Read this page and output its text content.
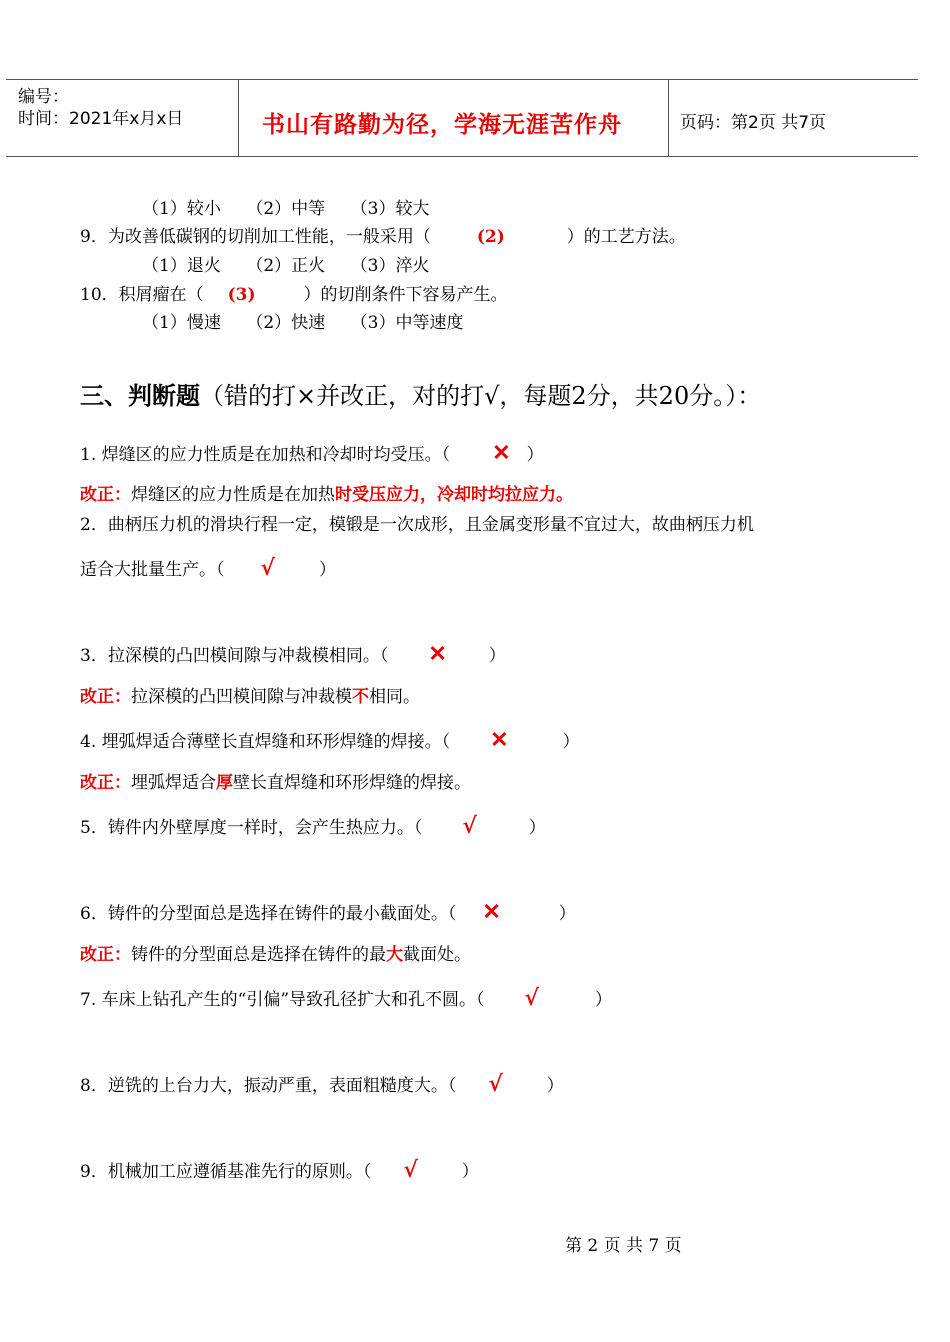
编号：
时间：2021年x月x日	书山有路勤为径，学海无涯苦作舟	页码：第2页 共7页
（1）较小　　（2）中等　　（3）较大
9．为改善低碳钢的切削加工性能，一般采用（	(2)	）的工艺方法。
（1）退火　　（2）正火　　（3）淬火
10．积屑瘤在（ (3)	）的切削条件下容易产生。
（1）慢速　　（2）快速　　（3）中等速度
三、判断题（错的打×并改正，对的打√，每题2分，共20分。）：
1. 焊缝区的应力性质是在加热和冷却时均受压。（ ✕ ）
改正：焊缝区的应力性质是在加热时受压应力，冷却时均拉应力。
2．曲柄压力机的滑块行程一定，模锻是一次成形，且金属变形量不宜过大，故曲柄压力机
适合大批量生产。（ √	）
3．拉深模的凸凹模间隙与冲裁模相同。（ ✕ ）
改正：拉深模的凸凹模间隙与冲裁模不相同。
4. 埋弧焊适合薄壁长直焊缝和环形焊缝的焊接。（ ✕	）
改正：埋弧焊适合厚壁长直焊缝和环形焊缝的焊接。
5．铸件内外壁厚度一样时，会产生热应力。（ √	）
6．铸件的分型面总是选择在铸件的最小截面处。（ ✕	）
改正：铸件的分型面总是选择在铸件的最大截面处。
7. 车床上钻孔产生的“引偏”导致孔径扩大和孔不圆。（ √	）
8．逆铣的上台力大，振动严重，表面粗糙度大。（ √	）
9．机械加工应遵循基准先行的原则。（ √	）
第 2 页 共 7 页
